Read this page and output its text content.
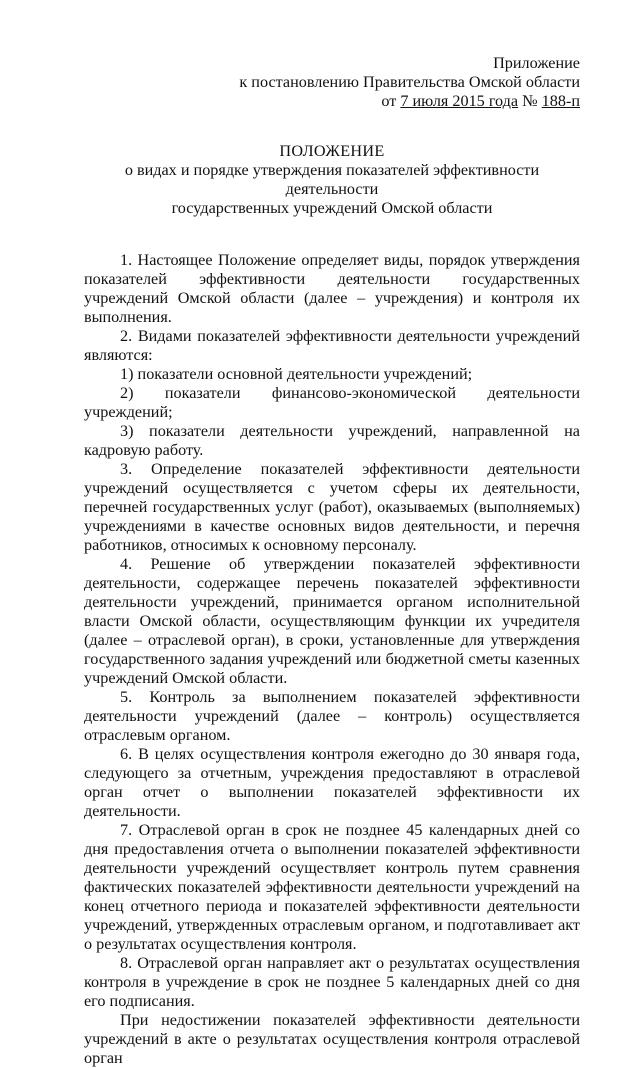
Приложение
к постановлению Правительства Омской области
от 7 июля 2015 года № 188-п
ПОЛОЖЕНИЕ
о видах и порядке утверждения показателей эффективности деятельности
государственных учреждений Омской области

1. Настоящее Положение определяет виды, порядок утверждения показателей эффективности деятельности государственных учреждений Омской области (далее – учреждения) и контроля их выполнения.

2. Видами показателей эффективности деятельности учреждений являются:

1) показатели основной деятельности учреждений;

2) показатели финансово-экономической деятельности учреждений;

3) показатели деятельности учреждений, направленной на кадровую работу.

3. Определение показателей эффективности деятельности учреждений осуществляется с учетом сферы их деятельности, перечней государственных услуг (работ), оказываемых (выполняемых) учреждениями в качестве основных видов деятельности, и перечня работников, относимых к основному персоналу.

4. Решение об утверждении показателей эффективности деятельности, содержащее перечень показателей эффективности деятельности учреждений, принимается органом исполнительной власти Омской области, осуществляющим функции их учредителя (далее – отраслевой орган), в сроки, установленные для утверждения государственного задания учреждений или бюджетной сметы казенных учреждений Омской области.

5. Контроль за выполнением показателей эффективности деятельности учреждений (далее – контроль) осуществляется отраслевым органом.

6. В целях осуществления контроля ежегодно до 30 января года, следующего за отчетным, учреждения предоставляют в отраслевой орган отчет о выполнении показателей эффективности их деятельности.

7. Отраслевой орган в срок не позднее 45 календарных дней со дня предоставления отчета о выполнении показателей эффективности деятельности учреждений осуществляет контроль путем сравнения фактических показателей эффективности деятельности учреждений на конец отчетного периода и показателей эффективности деятельности учреждений, утвержденных отраслевым органом, и подготавливает акт о результатах осуществления контроля.

8. Отраслевой орган направляет акт о результатах осуществления контроля в учреждение в срок не позднее 5 календарных дней со дня его подписания.

При недостижении показателей эффективности деятельности учреждений в акте о результатах осуществления контроля отраслевой орган
